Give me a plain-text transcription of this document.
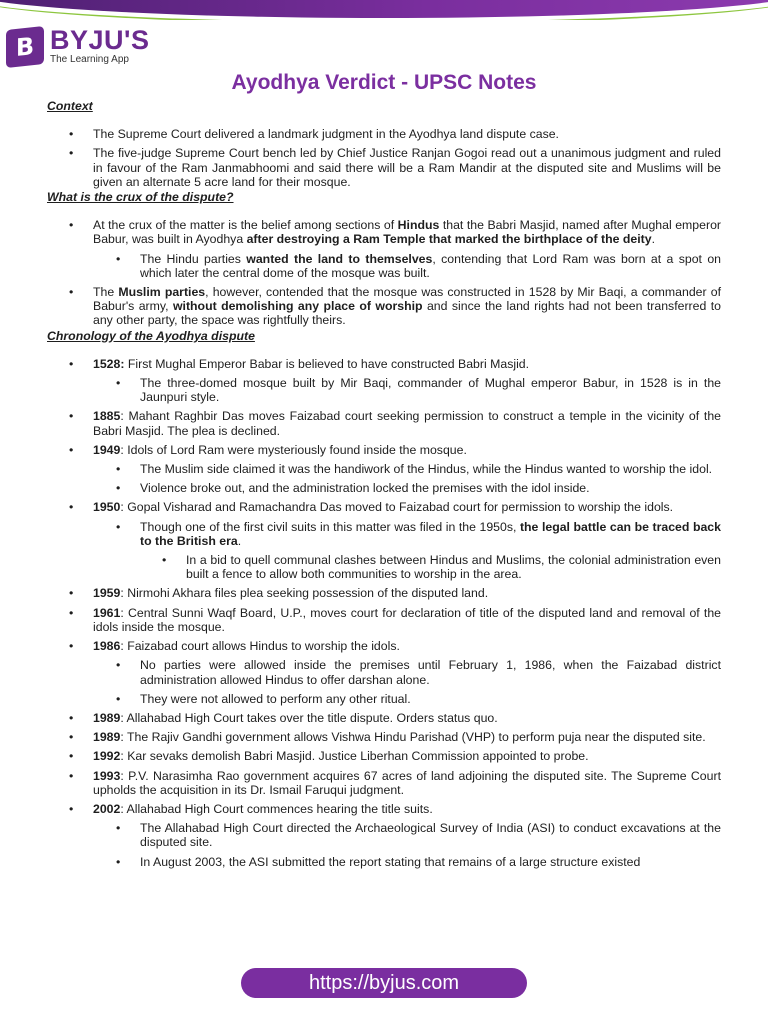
B BYJU'S
The Learning App
Ayodhya Verdict - UPSC Notes
Context
• The Supreme Court delivered a landmark judgment in the Ayodhya land dispute case.
• The five-judge Supreme Court bench led by Chief Justice Ranjan Gogoi read out a unanimous judgment and ruled in favour of the Ram Janmabhoomi and said there will be a Ram Mandir at the disputed site and Muslims will be given an alternate 5 acre land for their mosque.
What is the crux of the dispute?
• At the crux of the matter is the belief among sections of Hindus that the Babri Masjid, named after Mughal emperor Babur, was built in Ayodhya after destroying a Ram Temple that marked the birthplace of the deity.
• The Hindu parties wanted the land to themselves, contending that Lord Ram was born at a spot on which later the central dome of the mosque was built.
• The Muslim parties, however, contended that the mosque was constructed in 1528 by Mir Baqi, a commander of Babur's army, without demolishing any place of worship and since the land rights had not been transferred to any other party, the space was rightfully theirs.
Chronology of the Ayodhya dispute
• 1528: First Mughal Emperor Babar is believed to have constructed Babri Masjid.
• The three-domed mosque built by Mir Baqi, commander of Mughal emperor Babur, in 1528 is in the Jaunpuri style.
• 1885: Mahant Raghbir Das moves Faizabad court seeking permission to construct a temple in the vicinity of the Babri Masjid. The plea is declined.
• 1949: Idols of Lord Ram were mysteriously found inside the mosque.
• The Muslim side claimed it was the handiwork of the Hindus, while the Hindus wanted to worship the idol.
• Violence broke out, and the administration locked the premises with the idol inside.
• 1950: Gopal Visharad and Ramachandra Das moved to Faizabad court for permission to worship the idols.
• Though one of the first civil suits in this matter was filed in the 1950s, the legal battle can be traced back to the British era.
• In a bid to quell communal clashes between Hindus and Muslims, the colonial administration even built a fence to allow both communities to worship in the area.
• 1959: Nirmohi Akhara files plea seeking possession of the disputed land.
• 1961: Central Sunni Waqf Board, U.P., moves court for declaration of title of the disputed land and removal of the idols inside the mosque.
• 1986: Faizabad court allows Hindus to worship the idols.
• No parties were allowed inside the premises until February 1, 1986, when the Faizabad district administration allowed Hindus to offer darshan alone.
• They were not allowed to perform any other ritual.
• 1989: Allahabad High Court takes over the title dispute. Orders status quo.
• 1989: The Rajiv Gandhi government allows Vishwa Hindu Parishad (VHP) to perform puja near the disputed site.
• 1992: Kar sevaks demolish Babri Masjid. Justice Liberhan Commission appointed to probe.
• 1993: P.V. Narasimha Rao government acquires 67 acres of land adjoining the disputed site. The Supreme Court upholds the acquisition in its Dr. Ismail Faruqui judgment.
• 2002: Allahabad High Court commences hearing the title suits.
• The Allahabad High Court directed the Archaeological Survey of India (ASI) to conduct excavations at the disputed site.
• In August 2003, the ASI submitted the report stating that remains of a large structure existed
https://byjus.com
